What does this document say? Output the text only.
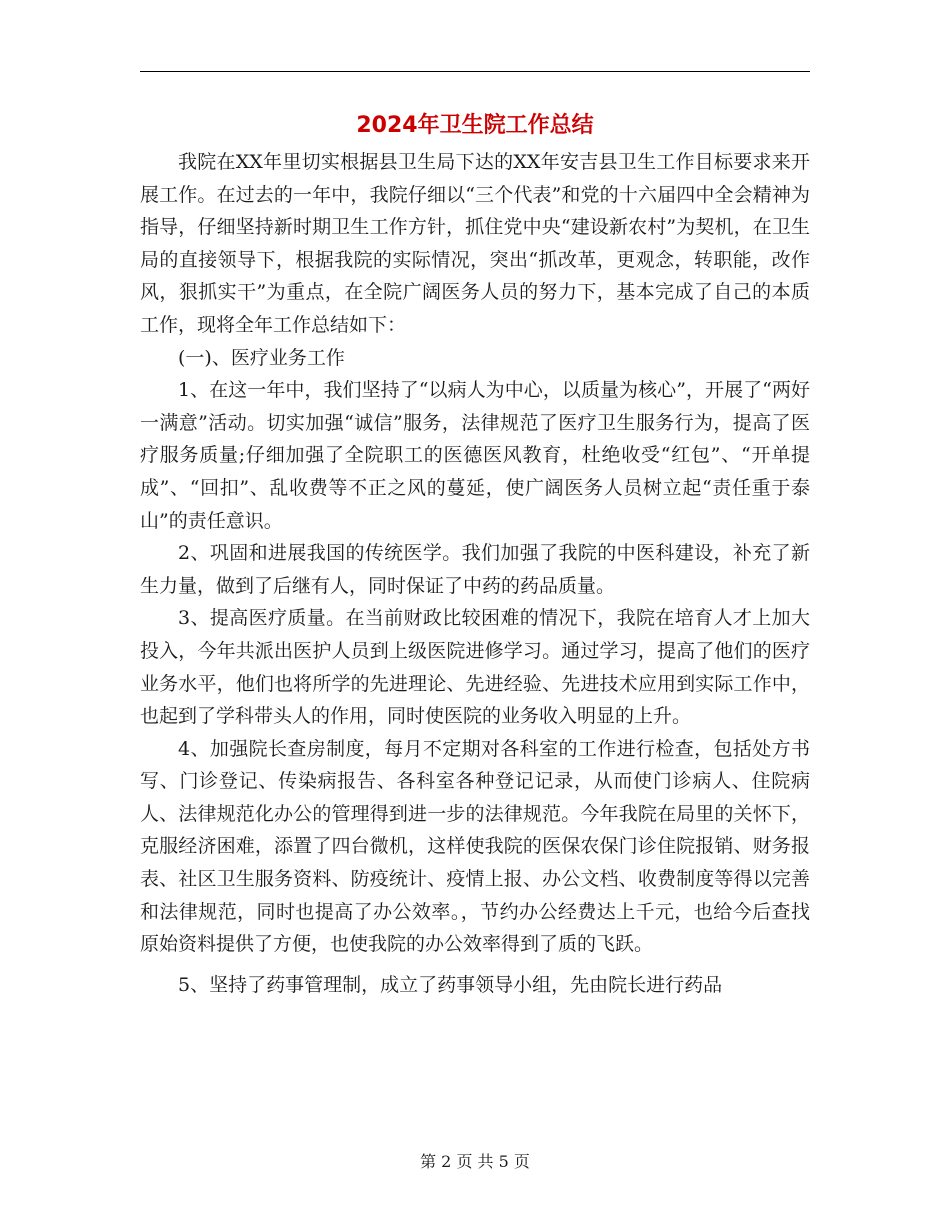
2024年卫生院工作总结

我院在XX年里切实根据县卫生局下达的XX年安吉县卫生工作目标要求来开展工作。在过去的一年中，我院仔细以“三个代表”和党的十六届四中全会精神为指导，仔细坚持新时期卫生工作方针，抓住党中央“建设新农村”为契机，在卫生局的直接领导下，根据我院的实际情况，突出“抓改革，更观念，转职能，改作风，狠抓实干”为重点，在全院广阔医务人员的努力下，基本完成了自己的本质工作，现将全年工作总结如下：

(一)、医疗业务工作

1、在这一年中，我们坚持了“以病人为中心，以质量为核心”，开展了“两好一满意”活动。切实加强“诚信”服务，法律规范了医疗卫生服务行为，提高了医疗服务质量;仔细加强了全院职工的医德医风教育，杜绝收受“红包”、“开单提成”、“回扣”、乱收费等不正之风的蔓延，使广阔医务人员树立起“责任重于泰山”的责任意识。

2、巩固和进展我国的传统医学。我们加强了我院的中医科建设，补充了新生力量，做到了后继有人，同时保证了中药的药品质量。

3、提高医疗质量。在当前财政比较困难的情况下，我院在培育人才上加大投入，今年共派出医护人员到上级医院进修学习。通过学习，提高了他们的医疗业务水平，他们也将所学的先进理论、先进经验、先进技术应用到实际工作中，也起到了学科带头人的作用，同时使医院的业务收入明显的上升。

4、加强院长查房制度，每月不定期对各科室的工作进行检查，包括处方书写、门诊登记、传染病报告、各科室各种登记记录，从而使门诊病人、住院病人、法律规范化办公的管理得到进一步的法律规范。今年我院在局里的关怀下，克服经济困难，添置了四台微机，这样使我院的医保农保门诊住院报销、财务报表、社区卫生服务资料、防疫统计、疫情上报、办公文档、收费制度等得以完善和法律规范，同时也提高了办公效率。，节约办公经费达上千元，也给今后查找原始资料提供了方便，也使我院的办公效率得到了质的飞跃。

5、坚持了药事管理制，成立了药事领导小组，先由院长进行药品

第 2 页 共 5 页
